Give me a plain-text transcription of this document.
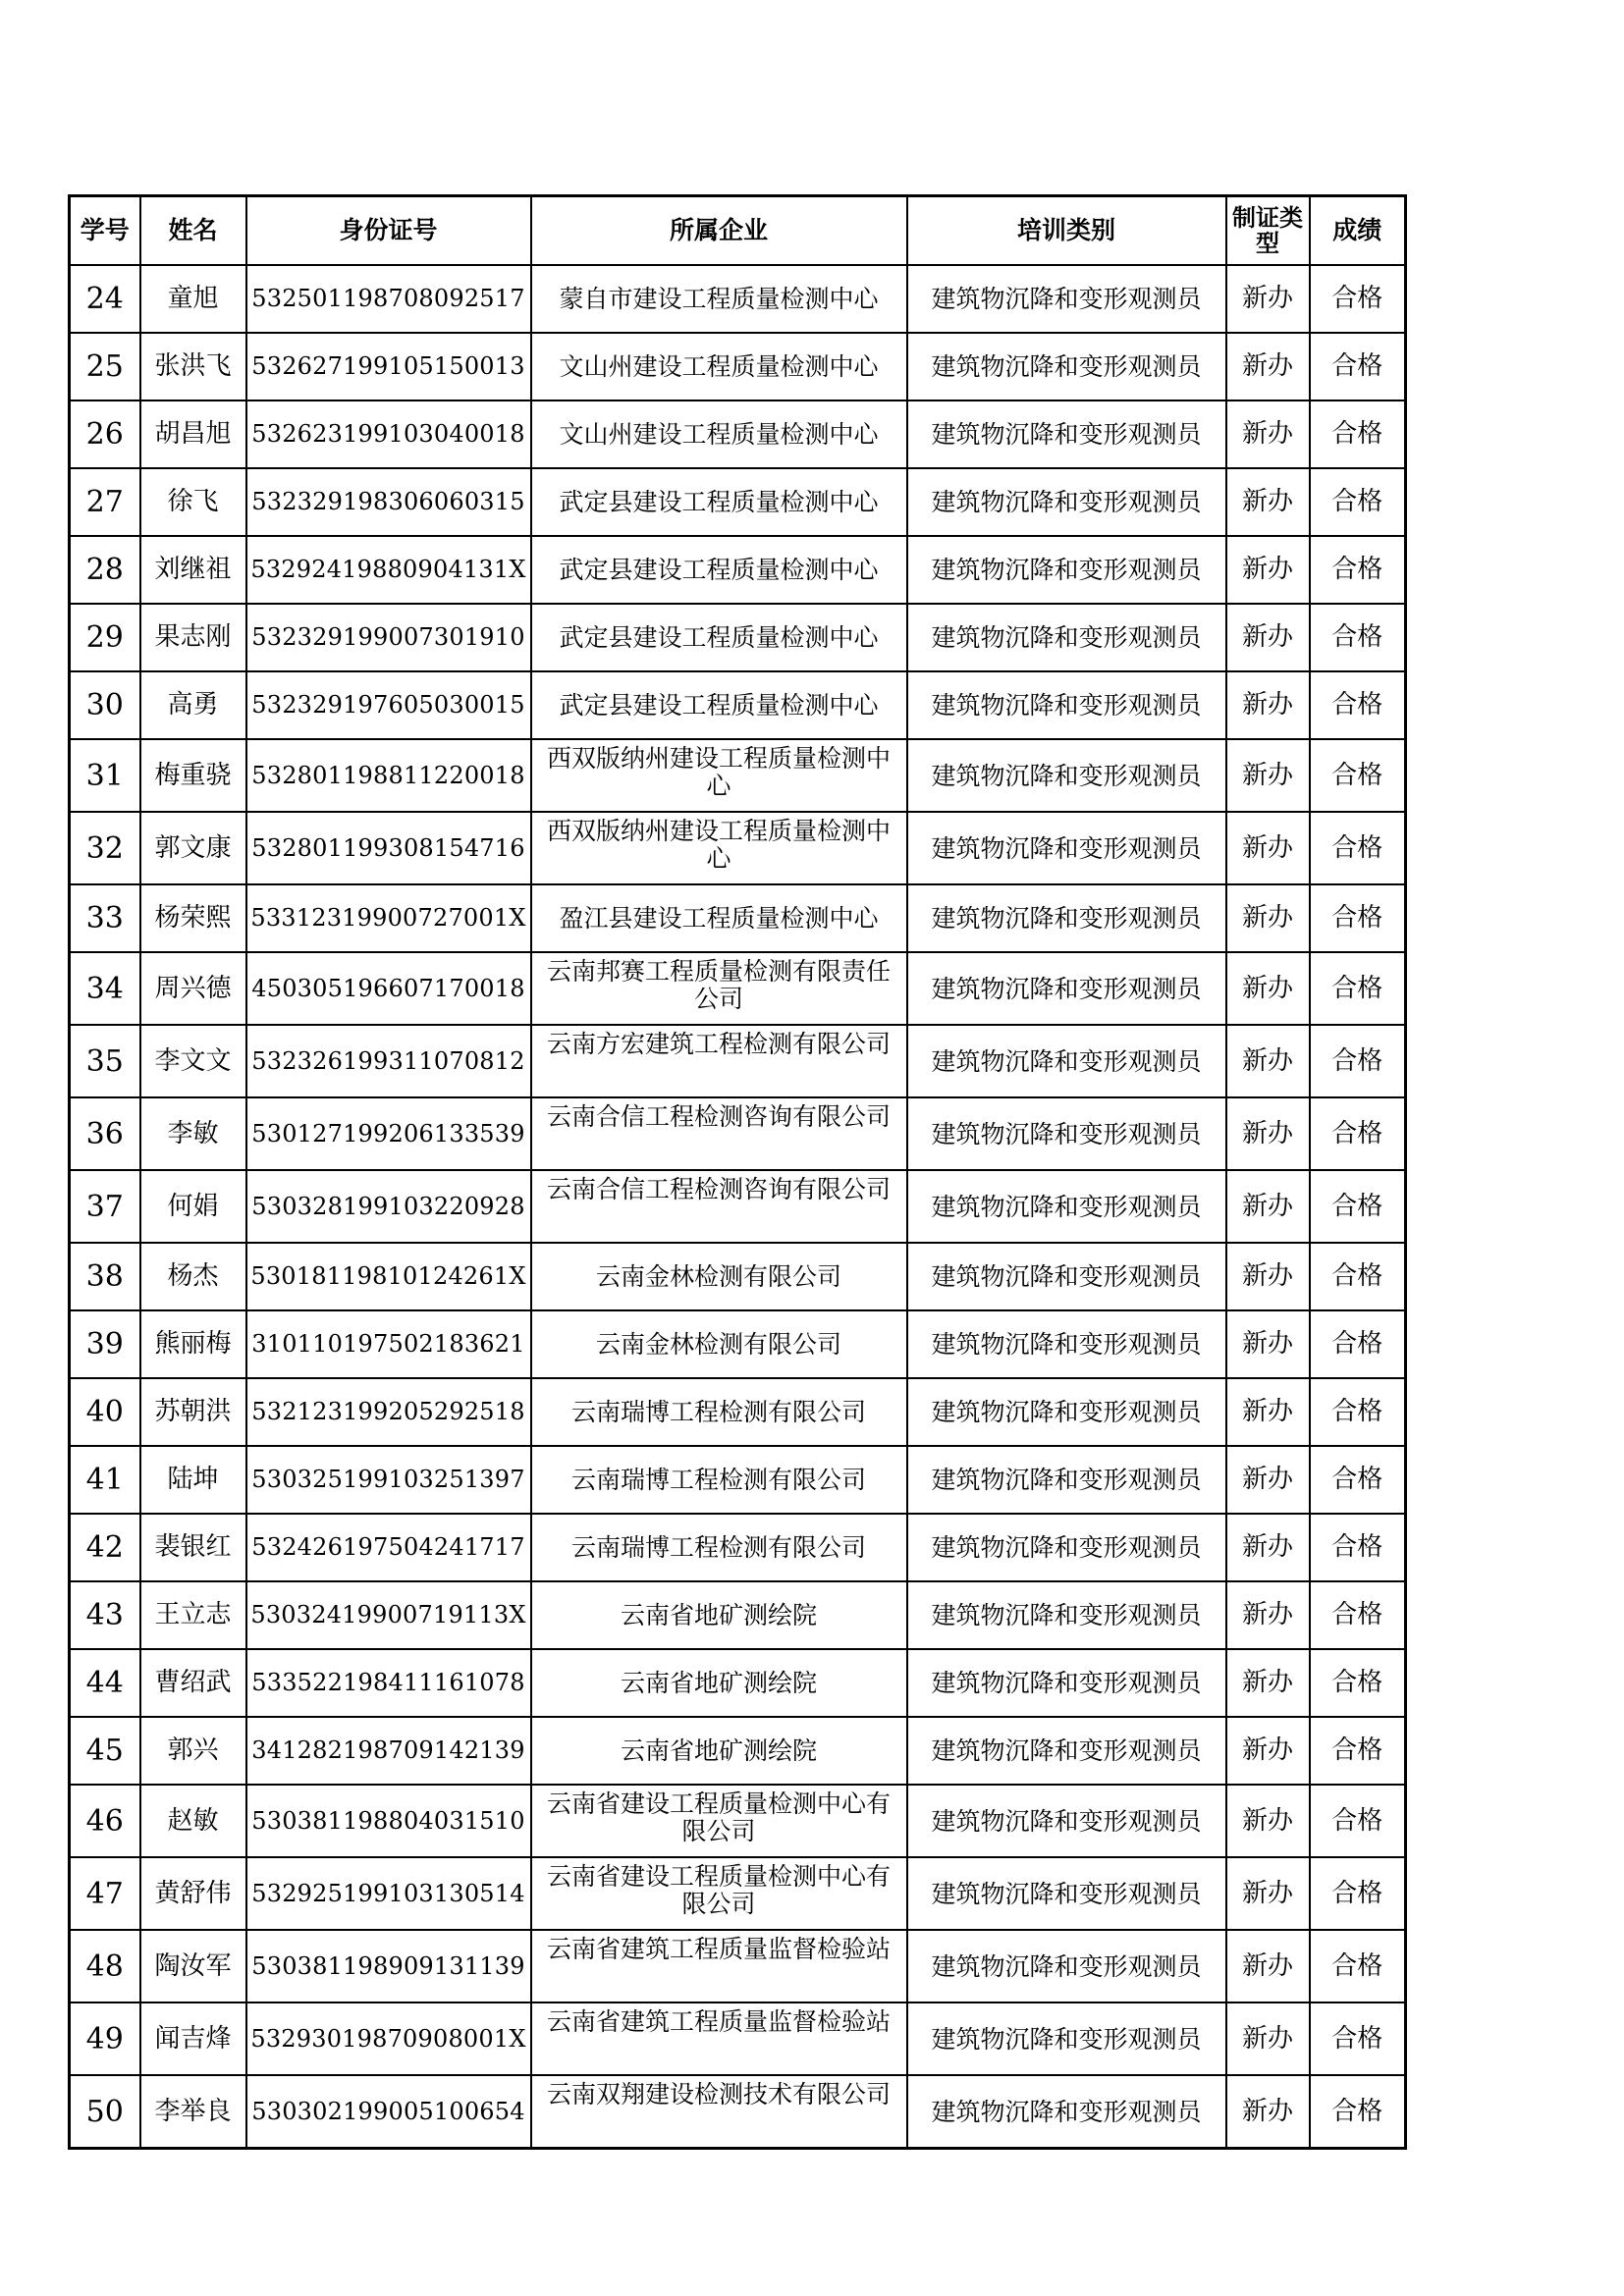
学号	姓名	身份证号	所属企业	培训类别	制证类型	成绩
24	童旭	532501198708092517	蒙自市建设工程质量检测中心	建筑物沉降和变形观测员	新办	合格
25	张洪飞	532627199105150013	文山州建设工程质量检测中心	建筑物沉降和变形观测员	新办	合格
26	胡昌旭	532623199103040018	文山州建设工程质量检测中心	建筑物沉降和变形观测员	新办	合格
27	徐飞	532329198306060315	武定县建设工程质量检测中心	建筑物沉降和变形观测员	新办	合格
28	刘继祖	53292419880904131X	武定县建设工程质量检测中心	建筑物沉降和变形观测员	新办	合格
29	果志刚	532329199007301910	武定县建设工程质量检测中心	建筑物沉降和变形观测员	新办	合格
30	高勇	532329197605030015	武定县建设工程质量检测中心	建筑物沉降和变形观测员	新办	合格
31	梅重骁	532801198811220018	西双版纳州建设工程质量检测中心	建筑物沉降和变形观测员	新办	合格
32	郭文康	532801199308154716	西双版纳州建设工程质量检测中心	建筑物沉降和变形观测员	新办	合格
33	杨荣熙	53312319900727001X	盈江县建设工程质量检测中心	建筑物沉降和变形观测员	新办	合格
34	周兴德	450305196607170018	云南邦赛工程质量检测有限责任公司	建筑物沉降和变形观测员	新办	合格
35	李文文	532326199311070812	云南方宏建筑工程检测有限公司	建筑物沉降和变形观测员	新办	合格
36	李敏	530127199206133539	云南合信工程检测咨询有限公司	建筑物沉降和变形观测员	新办	合格
37	何娟	530328199103220928	云南合信工程检测咨询有限公司	建筑物沉降和变形观测员	新办	合格
38	杨杰	53018119810124261X	云南金林检测有限公司	建筑物沉降和变形观测员	新办	合格
39	熊丽梅	310110197502183621	云南金林检测有限公司	建筑物沉降和变形观测员	新办	合格
40	苏朝洪	532123199205292518	云南瑞博工程检测有限公司	建筑物沉降和变形观测员	新办	合格
41	陆坤	530325199103251397	云南瑞博工程检测有限公司	建筑物沉降和变形观测员	新办	合格
42	裴银红	532426197504241717	云南瑞博工程检测有限公司	建筑物沉降和变形观测员	新办	合格
43	王立志	53032419900719113X	云南省地矿测绘院	建筑物沉降和变形观测员	新办	合格
44	曹绍武	533522198411161078	云南省地矿测绘院	建筑物沉降和变形观测员	新办	合格
45	郭兴	341282198709142139	云南省地矿测绘院	建筑物沉降和变形观测员	新办	合格
46	赵敏	530381198804031510	云南省建设工程质量检测中心有限公司	建筑物沉降和变形观测员	新办	合格
47	黄舒伟	532925199103130514	云南省建设工程质量检测中心有限公司	建筑物沉降和变形观测员	新办	合格
48	陶汝军	530381198909131139	云南省建筑工程质量监督检验站	建筑物沉降和变形观测员	新办	合格
49	闻吉烽	53293019870908001X	云南省建筑工程质量监督检验站	建筑物沉降和变形观测员	新办	合格
50	李举良	530302199005100654	云南双翔建设检测技术有限公司	建筑物沉降和变形观测员	新办	合格
